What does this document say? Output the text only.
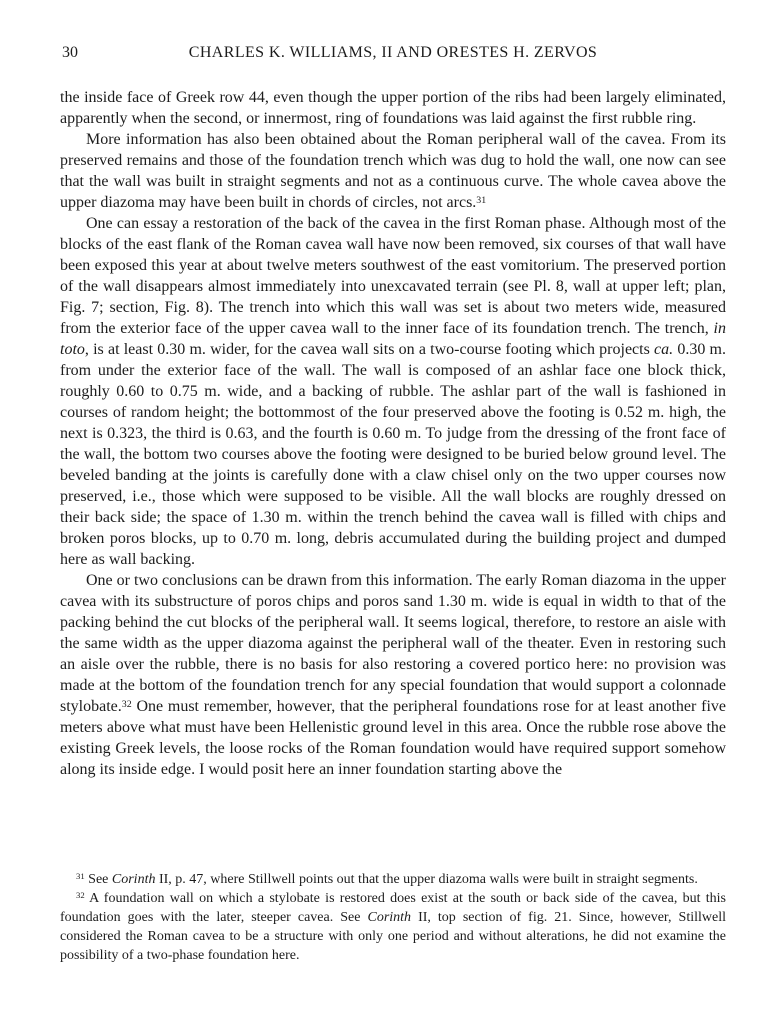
30	CHARLES K. WILLIAMS, II AND ORESTES H. ZERVOS

the inside face of Greek row 44, even though the upper portion of the ribs had been largely eliminated, apparently when the second, or innermost, ring of foundations was laid against the first rubble ring.

More information has also been obtained about the Roman peripheral wall of the cavea. From its preserved remains and those of the foundation trench which was dug to hold the wall, one now can see that the wall was built in straight segments and not as a continuous curve. The whole cavea above the upper diazoma may have been built in chords of circles, not arcs.$^{31}$

One can essay a restoration of the back of the cavea in the first Roman phase. Although most of the blocks of the east flank of the Roman cavea wall have now been removed, six courses of that wall have been exposed this year at about twelve meters southwest of the east vomitorium. The preserved portion of the wall disappears almost immediately into unexcavated terrain (see Pl. 8, wall at upper left; plan, Fig. 7; section, Fig. 8). The trench into which this wall was set is about two meters wide, measured from the exterior face of the upper cavea wall to the inner face of its foundation trench. The trench, in toto, is at least 0.30 m. wider, for the cavea wall sits on a two-course footing which projects ca. 0.30 m. from under the exterior face of the wall. The wall is composed of an ashlar face one block thick, roughly 0.60 to 0.75 m. wide, and a backing of rubble. The ashlar part of the wall is fashioned in courses of random height; the bottommost of the four preserved above the footing is 0.52 m. high, the next is 0.323, the third is 0.63, and the fourth is 0.60 m. To judge from the dressing of the front face of the wall, the bottom two courses above the footing were designed to be buried below ground level. The beveled banding at the joints is carefully done with a claw chisel only on the two upper courses now preserved, i.e., those which were supposed to be visible. All the wall blocks are roughly dressed on their back side; the space of 1.30 m. within the trench behind the cavea wall is filled with chips and broken poros blocks, up to 0.70 m. long, debris accumulated during the building project and dumped here as wall backing.

One or two conclusions can be drawn from this information. The early Roman diazoma in the upper cavea with its substructure of poros chips and poros sand 1.30 m. wide is equal in width to that of the packing behind the cut blocks of the peripheral wall. It seems logical, therefore, to restore an aisle with the same width as the upper diazoma against the peripheral wall of the theater. Even in restoring such an aisle over the rubble, there is no basis for also restoring a covered portico here: no provision was made at the bottom of the foundation trench for any special foundation that would support a colonnade stylobate.$^{32}$ One must remember, however, that the peripheral foundations rose for at least another five meters above what must have been Hellenistic ground level in this area. Once the rubble rose above the existing Greek levels, the loose rocks of the Roman foundation would have required support somehow along its inside edge. I would posit here an inner foundation starting above the

$^{31}$ See Corinth II, p. 47, where Stillwell points out that the upper diazoma walls were built in straight segments.

$^{32}$ A foundation wall on which a stylobate is restored does exist at the south or back side of the cavea, but this foundation goes with the later, steeper cavea. See Corinth II, top section of fig. 21. Since, however, Stillwell considered the Roman cavea to be a structure with only one period and without alterations, he did not examine the possibility of a two-phase foundation here.
